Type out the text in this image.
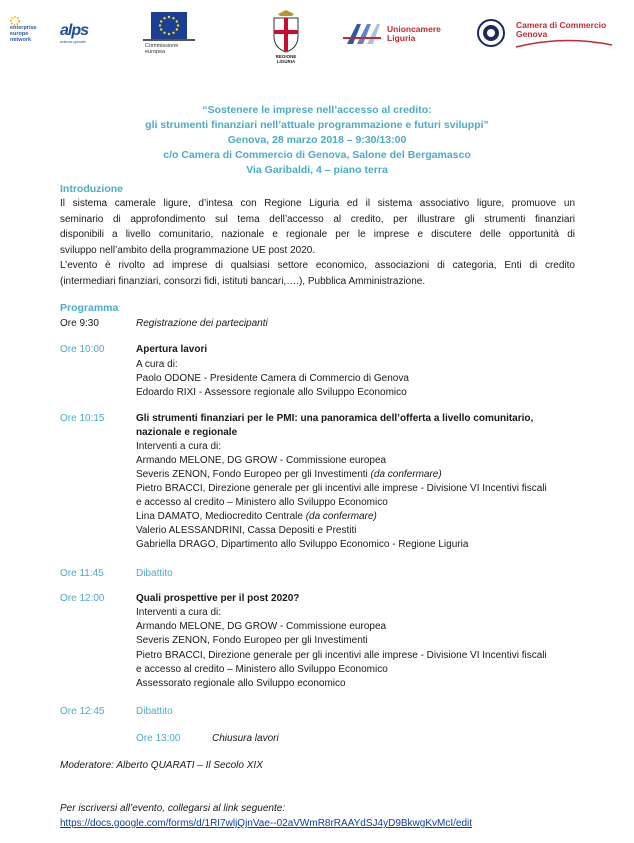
enterprise
europe
network
alps
azienda speciale
Commissione
europea
REGIONE LIGURIA
Unioncamere
Liguria
Camera di Commercio
Genova
“Sostenere le imprese nell’accesso al credito:
gli strumenti finanziari nell’attuale programmazione e futuri sviluppi”
Genova, 28 marzo 2018 – 9:30/13:00
c/o Camera di Commercio di Genova, Salone del Bergamasco
Via Garibaldi, 4 – piano terra
Introduzione
Il sistema camerale ligure, d’intesa con Regione Liguria ed il sistema associativo ligure, promuove un
seminario di approfondimento sul tema dell’accesso al credito, per illustrare gli strumenti finanziari
disponibili a livello comunitario, nazionale e regionale per le imprese e discutere delle opportunità di
sviluppo nell’ambito della programmazione UE post 2020.
L’evento è rivolto ad imprese di qualsiasi settore economico, associazioni di categoria, Enti di credito
(intermediari finanziari, consorzi fidi, istituti bancari,….), Pubblica Amministrazione.
Programma
Ore 9:30	Registrazione dei partecipanti
Ore 10:00	Apertura lavori
A cura di:
Paolo ODONE - Presidente Camera di Commercio di Genova
Edoardo RIXI - Assessore regionale allo Sviluppo Economico
Ore 10:15	Gli strumenti finanziari per le PMI: una panoramica dell’offerta a livello comunitario,
nazionale e regionale
Interventi a cura di:
Armando MELONE, DG GROW - Commissione europea
Severis ZENON, Fondo Europeo per gli Investimenti (da confermare)
Pietro BRACCI, Direzione generale per gli incentivi alle imprese - Divisione VI Incentivi fiscali
e accesso al credito – Ministero allo Sviluppo Economico
Lina DAMATO, Mediocredito Centrale (da confermare)
Valerio ALESSANDRINI, Cassa Depositi e Prestiti
Gabriella DRAGO, Dipartimento allo Sviluppo Economico - Regione Liguria
Ore 11:45	Dibattito
Ore 12:00	Quali prospettive per il post 2020?
Interventi a cura di:
Armando MELONE, DG GROW - Commissione europea
Severis ZENON, Fondo Europeo per gli Investimenti
Pietro BRACCI, Direzione generale per gli incentivi alle imprese - Divisione VI Incentivi fiscali
e accesso al credito – Ministero allo Sviluppo Economico
Assessorato regionale allo Sviluppo economico
Ore 12:45	Dibattito
Ore 13:00	Chiusura lavori
Moderatore: Alberto QUARATI – Il Secolo XIX
Per iscriversi all’evento, collegarsi al link seguente:
https://docs.google.com/forms/d/1RI7wljQjnVae--02aVWmR8rRAAYdSJ4yD9BkwgKvMcI/edit
